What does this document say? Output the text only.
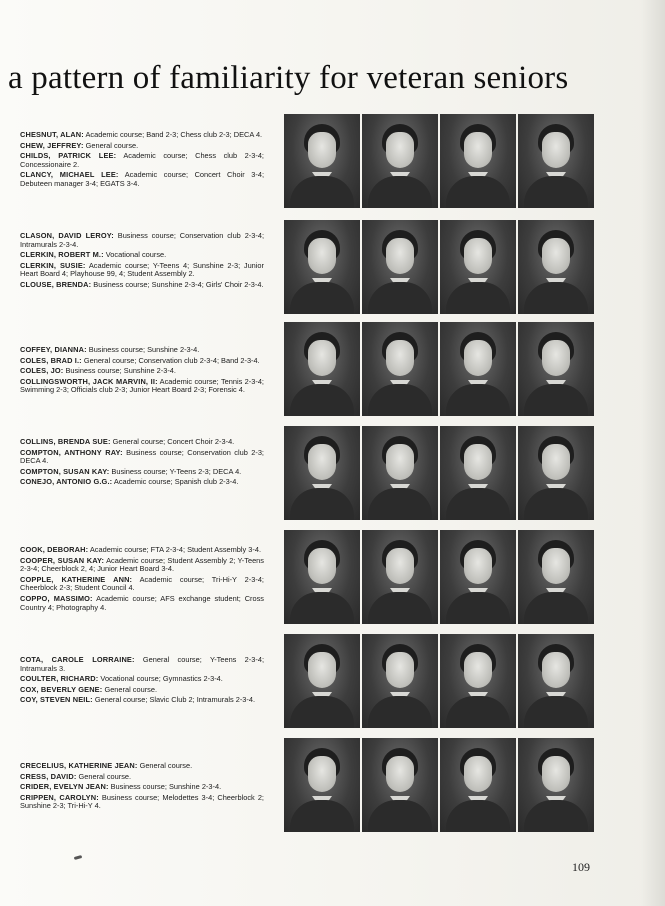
a pattern of familiarity for veteran seniors
CHESNUT, ALAN: Academic course; Band 2-3; Chess club 2-3; DECA 4.
CHEW, JEFFREY: General course.
CHILDS, PATRICK LEE: Academic course; Chess club 2-3-4; Concessionaire 2.
CLANCY, MICHAEL LEE: Academic course; Concert Choir 3-4; Debuteen manager 3-4; EGATS 3-4.
CLASON, DAVID LEROY: Business course; Conservation club 2-3-4; Intramurals 2-3-4.
CLERKIN, ROBERT M.: Vocational course.
CLERKIN, SUSIE: Academic course; Y-Teens 4; Sunshine 2-3; Junior Heart Board 4; Playhouse 99, 4; Student Assembly 2.
CLOUSE, BRENDA: Business course; Sunshine 2-3-4; Girls' Choir 2-3-4.
COFFEY, DIANNA: Business course; Sunshine 2-3-4.
COLES, BRAD I.: General course; Conservation club 2-3-4; Band 2-3-4.
COLES, JO: Business course; Sunshine 2-3-4.
COLLINGSWORTH, JACK MARVIN, II: Academic course; Tennis 2-3-4; Swimming 2-3; Officials club 2-3; Junior Heart Board 2-3; Forensic 4.
COLLINS, BRENDA SUE: General course; Concert Choir 2-3-4.
COMPTON, ANTHONY RAY: Business course; Conservation club 2-3; DECA 4.
COMPTON, SUSAN KAY: Business course; Y-Teens 2-3; DECA 4.
CONEJO, ANTONIO G.G.: Academic course; Spanish club 2-3-4.
COOK, DEBORAH: Academic course; FTA 2-3-4; Student Assembly 3-4.
COOPER, SUSAN KAY: Academic course; Student Assembly 2; Y-Teens 2-3-4; Cheerblock 2, 4; Junior Heart Board 3-4.
COPPLE, KATHERINE ANN: Academic course; Tri-Hi-Y 2-3-4; Cheerblock 2-3; Student Council 4.
COPPO, MASSIMO: Academic course; AFS exchange student; Cross Country 4; Photography 4.
COTA, CAROLE LORRAINE: General course; Y-Teens 2-3-4; Intramurals 3.
COULTER, RICHARD: Vocational course; Gymnastics 2-3-4.
COX, BEVERLY GENE: General course.
COY, STEVEN NEIL: General course; Slavic Club 2; Intramurals 2-3-4.
CRECELIUS, KATHERINE JEAN: General course.
CRESS, DAVID: General course.
CRIDER, EVELYN JEAN: Business course; Sunshine 2-3-4.
CRIPPEN, CAROLYN: Business course; Melodettes 3-4; Cheerblock 2; Sunshine 2-3; Tri-Hi-Y 4.
109
